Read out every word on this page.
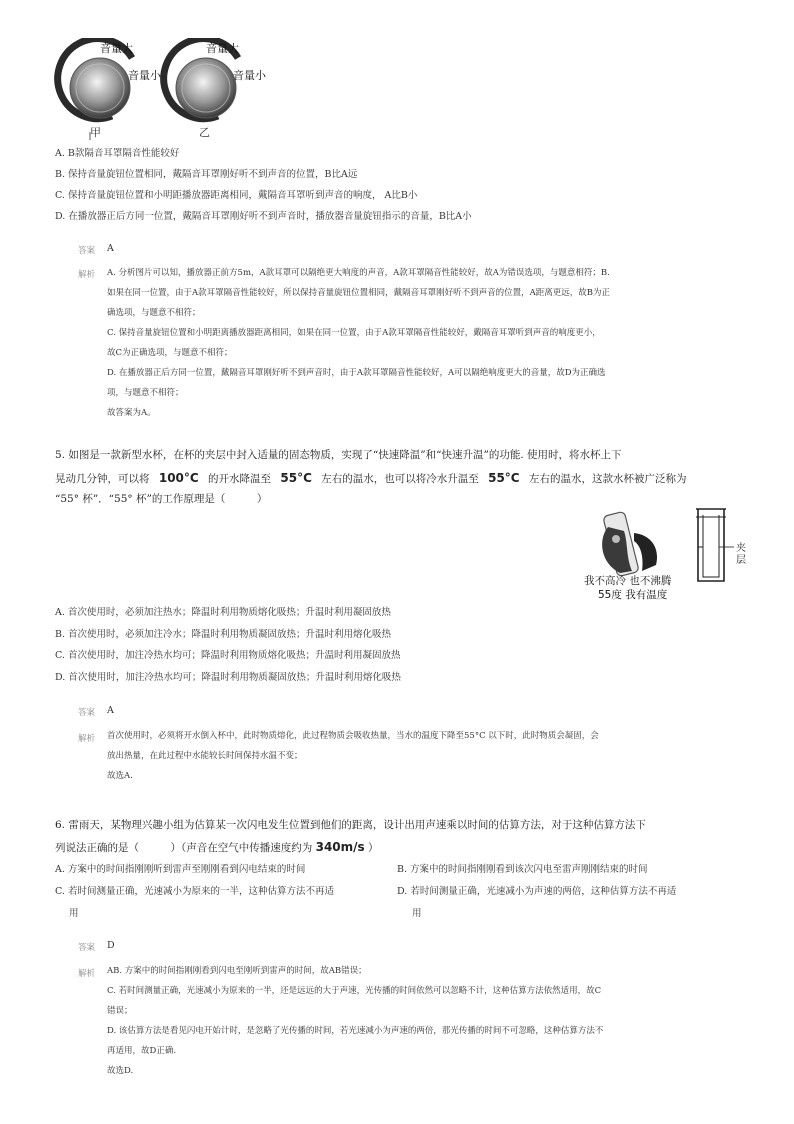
音量大
音量小
甲
音量大
音量小
乙
A. B款隔音耳罩隔音性能较好
B. 保持音量旋钮位置相同，戴隔音耳罩刚好听不到声音的位置，B比A远
C. 保持音量旋钮位置和小明距播放器距离相同，戴隔音耳罩听到声音的响度， A比B小
D. 在播放器正后方同一位置，戴隔音耳罩刚好听不到声音时，播放器音量旋钮指示的音量，B比A小
答案 A
解析 A. 分析图片可以知，播放器正前方5m，A款耳罩可以隔绝更大响度的声音，A款耳罩隔音性能较好，故A为错误选项，与题意相符；B.
如果在同一位置，由于A款耳罩隔音性能较好，所以保持音量旋钮位置相同，戴隔音耳罩刚好听不到声音的位置，A距离更远，故B为正
确选项，与题意不相符；
C. 保持音量旋钮位置和小明距离播放器距离相同，如果在同一位置，由于A款耳罩隔音性能较好，戴隔音耳罩听到声音的响度更小，
故C为正确选项，与题意不相符；
D. 在播放器正后方同一位置，戴隔音耳罩刚好听不到声音时，由于A款耳罩隔音性能较好，A可以隔绝响度更大的音量，故D为正确选
项，与题意不相符；
故答案为A。
5. 如图是一款新型水杯，在杯的夹层中封入适量的固态物质，实现了“快速降温”和“快速升温”的功能. 使用时，将水杯上下
晃动几分钟，可以将 100°C 的开水降温至 55°C 左右的温水，也可以将冷水升温至 55°C 左右的温水，这款水杯被广泛称为
“55° 杯”．“55° 杯”的工作原理是（　　　）
我不高冷 也不沸腾
55度 我有温度
夹层
A. 首次使用时，必须加注热水；降温时利用物质熔化吸热；升温时利用凝固放热
B. 首次使用时，必须加注冷水；降温时利用物质凝固放热；升温时利用熔化吸热
C. 首次使用时，加注冷热水均可；降温时利用物质熔化吸热；升温时利用凝固放热
D. 首次使用时，加注冷热水均可；降温时利用物质凝固放热；升温时利用熔化吸热
答案 A
解析 首次使用时，必须将开水倒入杯中，此时物质熔化，此过程物质会吸收热量，当水的温度下降至55°C 以下时，此时物质会凝固，会
放出热量，在此过程中水能较长时间保持水温不变；
故选A.
6. 雷雨天，某物理兴趣小组为估算某一次闪电发生位置到他们的距离，设计出用声速乘以时间的估算方法，对于这种估算方法下
列说法正确的是（　　　）（声音在空气中传播速度约为 340m/s ）
A. 方案中的时间指刚刚听到雷声至刚刚看到闪电结束的时间	B. 方案中的时间指刚刚看到该次闪电至雷声刚刚结束的时间
C. 若时间测量正确，光速减小为原来的一半，这种估算方法不再适
用
D. 若时间测量正确，光速减小为声速的两倍，这种估算方法不再适
用
答案 D
解析 AB. 方案中的时间指刚刚看到闪电至刚听到雷声的时间，故AB错误；
C. 若时间测量正确，光速减小为原来的一半，还是远远的大于声速，光传播的时间依然可以忽略不计，这种估算方法依然适用，故C
错误；
D. 该估算方法是看见闪电开始计时，是忽略了光传播的时间，若光速减小为声速的两倍，那光传播的时间不可忽略，这种估算方法不
再适用，故D正确.
故选D.
